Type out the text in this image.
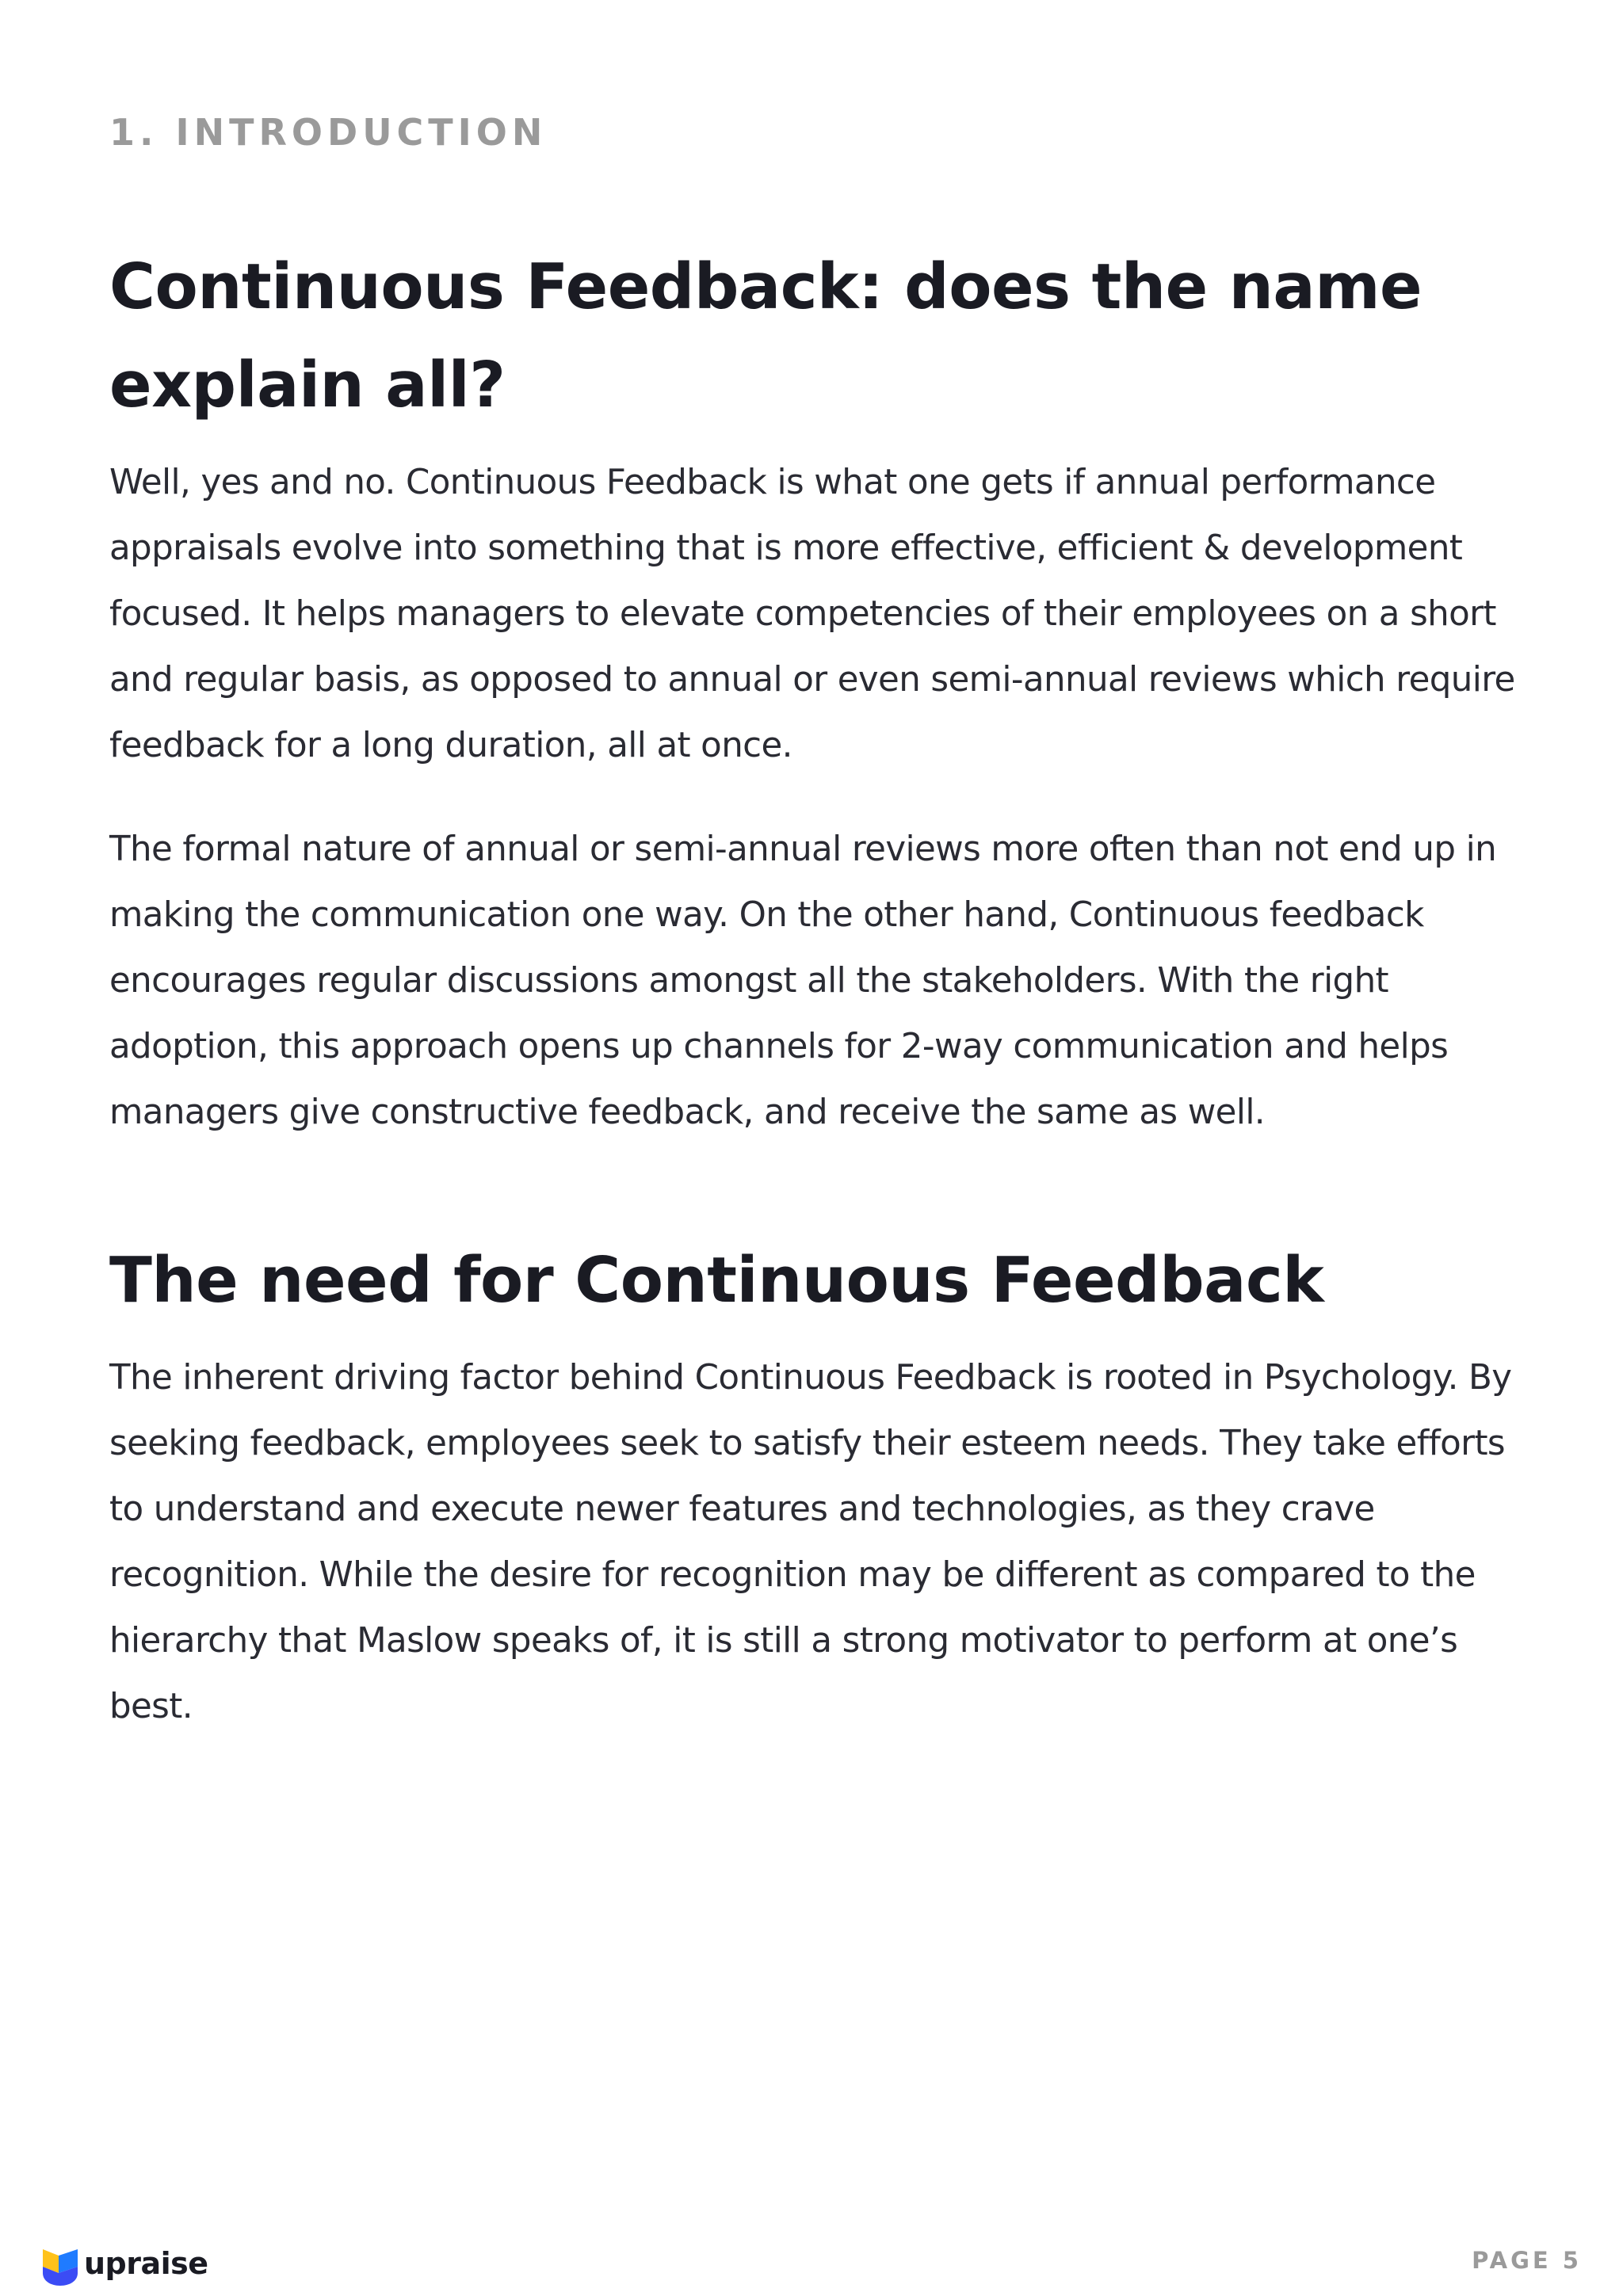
1. INTRODUCTION
Continuous Feedback: does the name explain all?

Well, yes and no. Continuous Feedback is what one gets if annual performance appraisals evolve into something that is more effective, efficient & development focused. It helps managers to elevate competencies of their employees on a short and regular basis, as opposed to annual or even semi-annual reviews which require feedback for a long duration, all at once.

The formal nature of annual or semi-annual reviews more often than not end up in making the communication one way. On the other hand, Continuous feedback encourages regular discussions amongst all the stakeholders. With the right adoption, this approach opens up channels for 2-way communication and helps managers give constructive feedback, and receive the same as well.

The need for Continuous Feedback

The inherent driving factor behind Continuous Feedback is rooted in Psychology. By seeking feedback, employees seek to satisfy their esteem needs. They take efforts to understand and execute newer features and technologies, as they crave recognition. While the desire for recognition may be different as compared to the hierarchy that Maslow speaks of, it is still a strong motivator to perform at one’s best.

upraise	PAGE 5
